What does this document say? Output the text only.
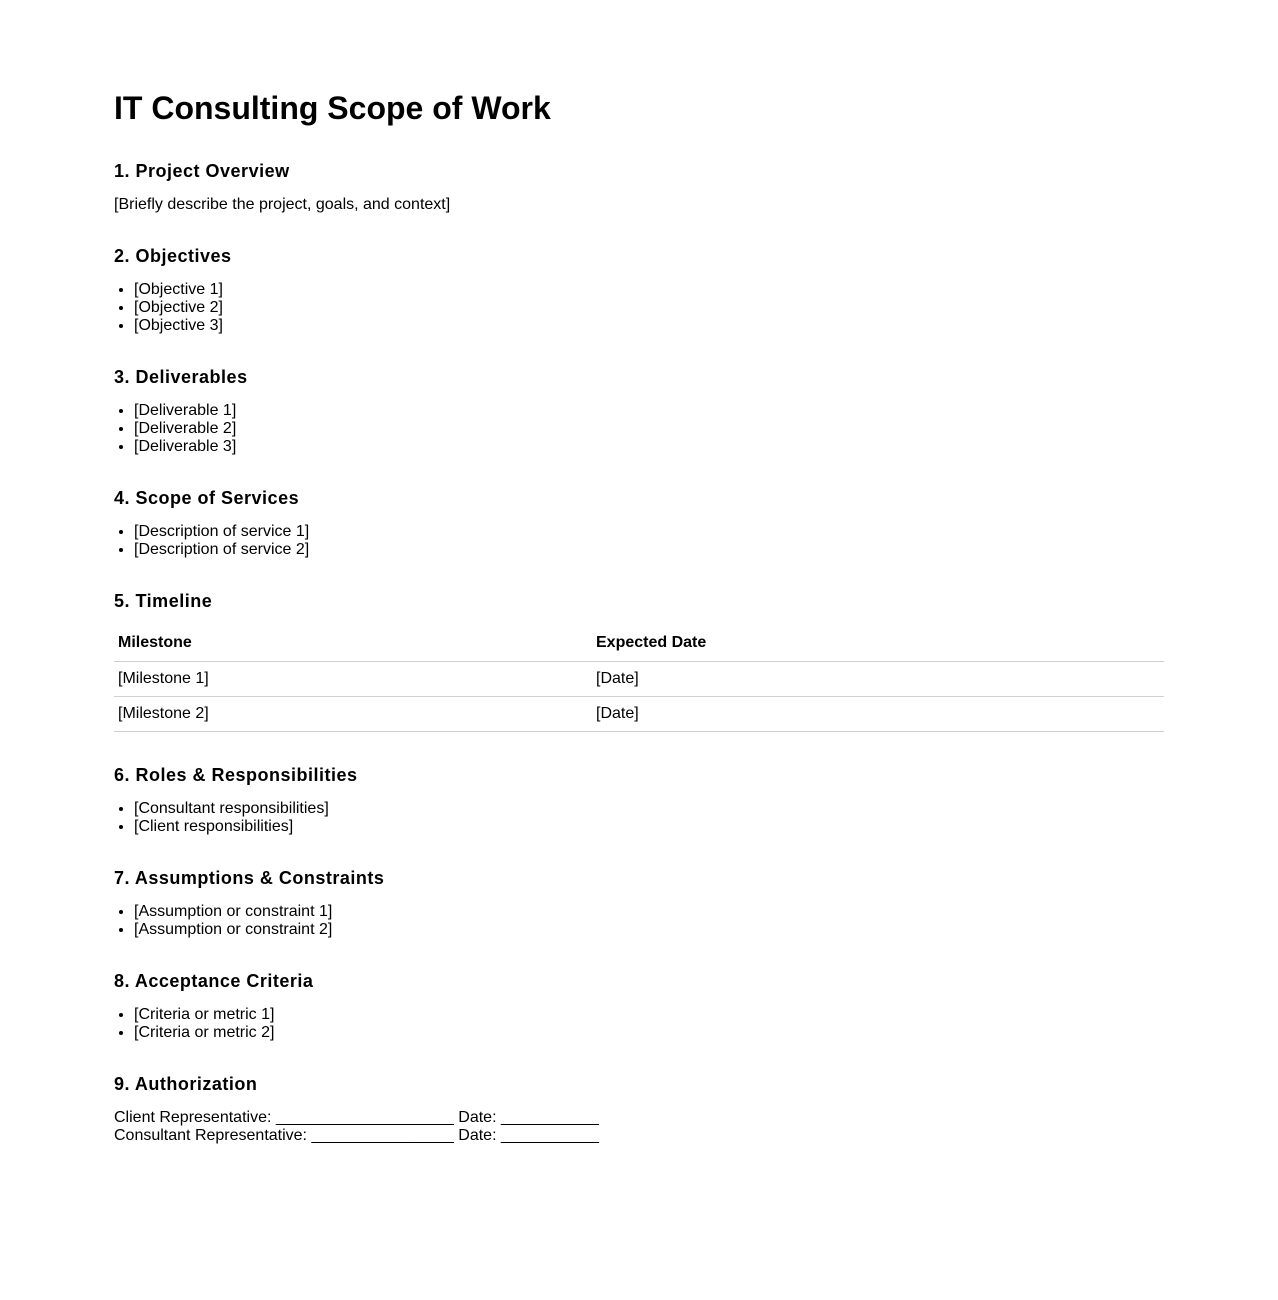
IT Consulting Scope of Work
1. Project Overview

[Briefly describe the project, goals, and context]

2. Objectives
• [Objective 1]
• [Objective 2]
• [Objective 3]
3. Deliverables
• [Deliverable 1]
• [Deliverable 2]
• [Deliverable 3]
4. Scope of Services
• [Description of service 1]
• [Description of service 2]
5. Timeline
Milestone	Expected Date
[Milestone 1]	[Date]
[Milestone 2]	[Date]
6. Roles & Responsibilities
• [Consultant responsibilities]
• [Client responsibilities]
7. Assumptions & Constraints
• [Assumption or constraint 1]
• [Assumption or constraint 2]
8. Acceptance Criteria
• [Criteria or metric 1]
• [Criteria or metric 2]
9. Authorization
Client Representative: ____________________ Date: ___________
Consultant Representative: ________________ Date: ___________
